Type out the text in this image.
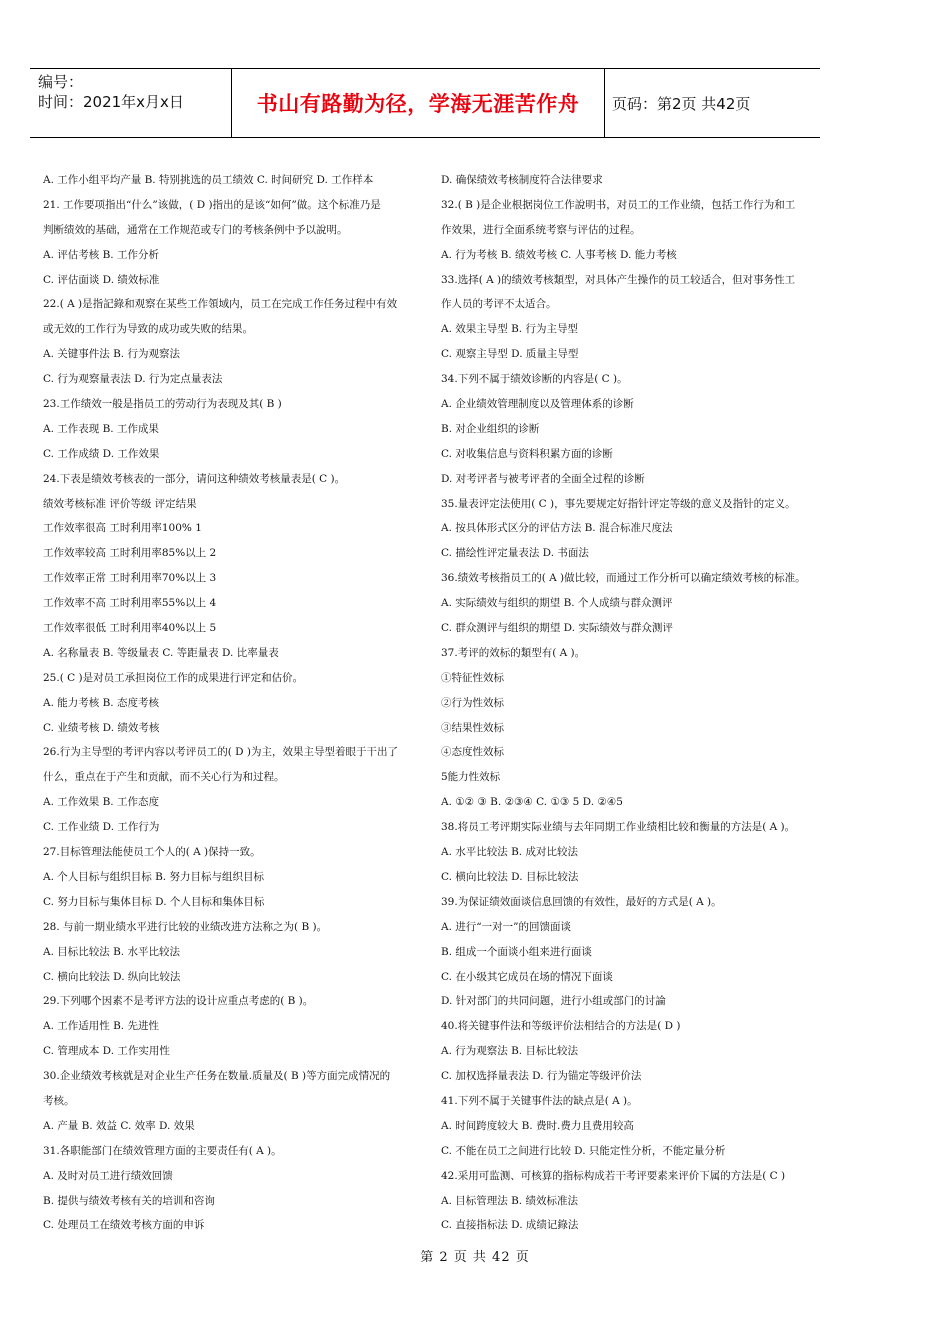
编号：
时间：2021年x月x日	书山有路勤为径，学海无涯苦作舟	页码：第2页 共42页
A. 工作小组平均产量 B. 特别挑选的员工绩效 C. 时间研究 D. 工作样本
21. 工作要项指出“什么”该做，( D )指出的是该“如何”做。这个标准乃是
判断绩效的基础，通常在工作规范或专门的考核条例中予以說明。
A. 评估考核 B. 工作分析
C. 评估面谈 D. 绩效标准
22.( A )是指記錄和观察在某些工作領域内，员工在完成工作任务过程中有效
或无效的工作行为导致的成功或失败的结果。
A. 关键事件法 B. 行为观察法
C. 行为观察量表法 D. 行为定点量表法
23.工作绩效一般是指员工的劳动行为表现及其( B )
A. 工作表现 B. 工作成果
C. 工作成绩 D. 工作效果
24.下表是绩效考核表的一部分，请问这种绩效考核量表是( C )。
绩效考核标准 评价等级 评定结果
工作效率很高 工时利用率100% 1
工作效率较高 工时利用率85%以上 2
工作效率正常 工时利用率70%以上 3
工作效率不高 工时利用率55%以上 4
工作效率很低 工时利用率40%以上 5
A. 名称量表 B. 等级量表 C. 等距量表 D. 比率量表
25.( C )是对员工承担岗位工作的成果进行评定和估价。
A. 能力考核 B. 态度考核
C. 业绩考核 D. 绩效考核
26.行为主导型的考评内容以考评员工的( D )为主，效果主导型着眼于干出了
什么，重点在于产生和贡献，而不关心行为和过程。
A. 工作效果 B. 工作态度
C. 工作业绩 D. 工作行为
27.目标管理法能使员工个人的( A )保持一致。
A. 个人目标与组织目标 B. 努力目标与组织目标
C. 努力目标与集体目标 D. 个人目标和集体目标
28. 与前一期业绩水平进行比较的业绩改进方法称之为( B )。
A. 目标比较法 B. 水平比较法
C. 横向比较法 D. 纵向比较法
29.下列哪个因素不是考评方法的设计应重点考虑的( B )。
A. 工作适用性 B. 先进性
C. 管理成本 D. 工作实用性
30.企业绩效考核就是对企业生产任务在数量.质量及( B )等方面完成情况的
考核。
A. 产量 B. 效益 C. 效率 D. 效果
31.各职能部门在绩效管理方面的主要责任有( A )。
A. 及时对员工进行绩效回馈
B. 提供与绩效考核有关的培训和咨询
C. 处理员工在绩效考核方面的申诉
D. 确保绩效考核制度符合法律要求
32.( B )是企业根据岗位工作說明书，对员工的工作业绩，包括工作行为和工
作效果，进行全面系统考察与评估的过程。
A. 行为考核 B. 绩效考核 C. 人事考核 D. 能力考核
33.选择( A )的绩效考核類型，对具体产生操作的员工较适合，但对事务性工
作人员的考评不太适合。
A. 效果主导型 B. 行为主导型
C. 观察主导型 D. 质量主导型
34.下列不属于绩效诊断的内容是( C )。
A. 企业绩效管理制度以及管理体系的诊断
B. 对企业组织的诊断
C. 对收集信息与资料积累方面的诊断
D. 对考评者与被考评者的全面全过程的诊断
35.量表评定法使用( C )，事先要规定好指针评定等级的意义及指针的定义。
A. 按具体形式区分的评估方法 B. 混合标准尺度法
C. 描绘性评定量表法 D. 书面法
36.绩效考核指员工的( A )做比较，而通过工作分析可以确定绩效考核的标准。
A. 实际绩效与组织的期望 B. 个人成绩与群众测评
C. 群众测评与组织的期望 D. 实际绩效与群众测评
37.考评的效标的類型有( A )。
①特征性效标
②行为性效标
③结果性效标
④态度性效标
5能力性效标
A. ①② ③ B. ②③④ C. ①③ 5 D. ②④5
38.将员工考评期实际业绩与去年同期工作业绩相比较和衡量的方法是( A )。
A. 水平比较法 B. 成对比较法
C. 横向比较法 D. 目标比较法
39.为保证绩效面谈信息回馈的有效性，最好的方式是( A )。
A. 进行“一对一”的回馈面谈
B. 组成一个面谈小组来进行面谈
C. 在小级其它成员在场的情况下面谈
D. 针对部门的共同问题，进行小组或部门的讨論
40.将关键事件法和等级评价法相结合的方法是( D )
A. 行为观察法 B. 目标比较法
C. 加权选择量表法 D. 行为锚定等级评价法
41.下列不属于关键事件法的缺点是( A )。
A. 时间跨度较大 B. 费时.费力且费用较高
C. 不能在员工之间进行比较 D. 只能定性分析，不能定量分析
42.采用可监测、可核算的指标构成若干考评要素来评价下属的方法是( C )
A. 目标管理法 B. 绩效标准法
C. 直接指标法 D. 成绩记錄法
第 2 页 共 42 页
